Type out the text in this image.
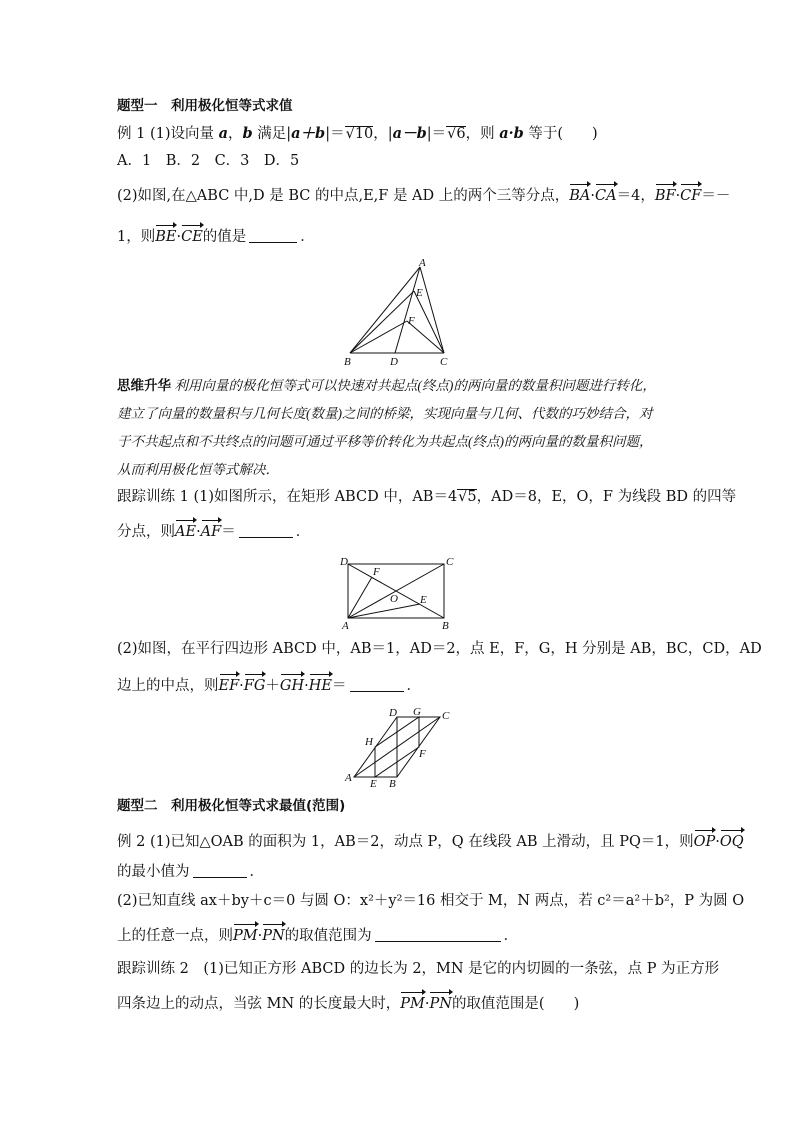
题型一　利用极化恒等式求值
例 1 (1)设向量 a，b 满足|a＋b|＝√10，|a－b|＝√6，则 a·b 等于(　　)
A．1　B．2　C．3　D．5
(2)如图,在△ABC 中,D 是 BC 的中点,E,F 是 AD 上的两个三等分点，BA·CA＝4，BF·CF＝－
1，则BE·CE的值是	．
A
E
F
B	D	C
思维升华 利用向量的极化恒等式可以快速对共起点(终点)的两向量的数量积问题进行转化，
建立了向量的数量积与几何长度(数量)之间的桥梁，实现向量与几何、代数的巧妙结合，对
于不共起点和不共终点的问题可通过平移等价转化为共起点(终点)的两向量的数量积问题，
从而利用极化恒等式解决．
跟踪训练 1 (1)如图所示，在矩形 ABCD 中，AB＝4√5，AD＝8，E，O，F 为线段 BD 的四等
分点，则AE·AF＝	．
D	C
A	B
F
O E
(2)如图，在平行四边形 ABCD 中，AB＝1，AD＝2，点 E，F，G，H 分别是 AB，BC，CD，AD
边上的中点，则EF·FG＋GH·HE＝	．
D G C
H
F
A E B
题型二　利用极化恒等式求最值(范围)
例 2 (1)已知△OAB 的面积为 1，AB＝2，动点 P，Q 在线段 AB 上滑动，且 PQ＝1，则OP·OQ
的最小值为	．
(2)已知直线 ax＋by＋c＝0 与圆 O：x²＋y²＝16 相交于 M，N 两点，若 c²＝a²＋b²，P 为圆 O
上的任意一点，则PM·PN的取值范围为	．
跟踪训练 2　(1)已知正方形 ABCD 的边长为 2，MN 是它的内切圆的一条弦，点 P 为正方形
四条边上的动点，当弦 MN 的长度最大时，PM·PN的取值范围是(　　)
